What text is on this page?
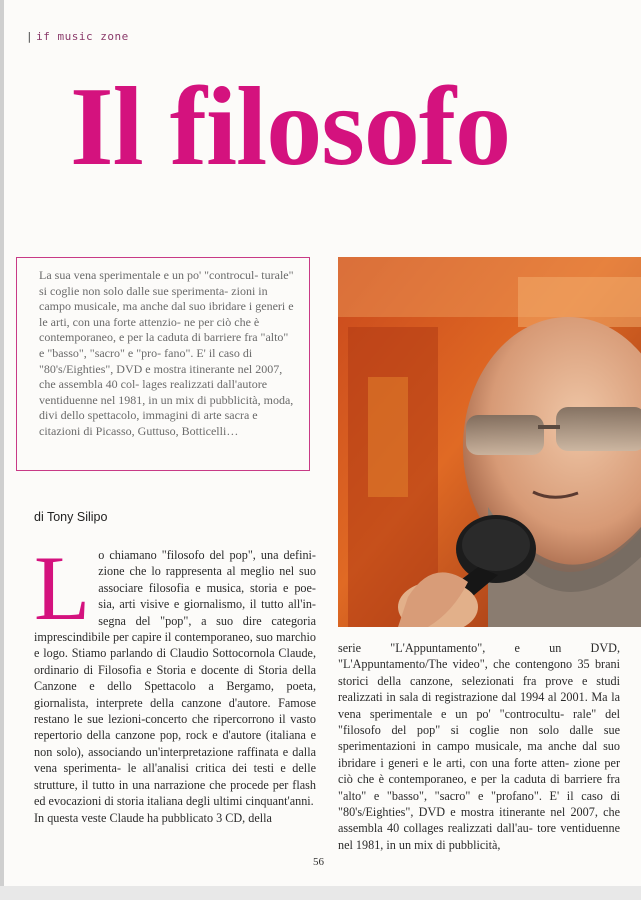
| if music zone
Il filosofo
La sua vena sperimentale e un po' "controcul- turale" si coglie non solo dalle sue sperimenta- zioni in campo musicale, ma anche dal suo ibridare i generi e le arti, con una forte attenzio- ne per ciò che è contemporaneo, e per la caduta di barriere fra "alto" e "basso", "sacro" e "pro- fano". E' il caso di "80's/Eighties", DVD e mostra itinerante nel 2007, che assembla 40 col- lages realizzati dall'autore ventiduenne nel 1981, in un mix di pubblicità, moda, divi dello spettacolo, immagini di arte sacra e citazioni di Picasso, Guttuso, Botticelli…
di Tony Silipo

Lo chiamano "filosofo del pop", una defini- zione che lo rappresenta al meglio nel suo associare filosofia e musica, storia e poe- sia, arti visive e giornalismo, il tutto all'in- segna del "pop", a suo dire categoria imprescindibile per capire il contemporaneo, suo marchio e logo. Stiamo parlando di Claudio Sottocornola Claude, ordinario di Filosofia e Storia e docente di Storia della Canzone e dello Spettacolo a Bergamo, poeta, giornalista, interprete della canzone d'autore. Famose restano le sue lezioni-concerto che ripercorrono il vasto repertorio della canzone pop, rock e d'autore (italiana e non solo), associando un'interpretazione raffinata e dalla vena sperimenta- le all'analisi critica dei testi e delle strutture, il tutto in una narrazione che procede per flash ed evocazioni di storia italiana degli ultimi cinquant'anni.

In questa veste Claude ha pubblicato 3 CD, della

serie "L'Appuntamento", e un DVD, "L'Appuntamento/The video", che contengono 35 brani storici della canzone, selezionati fra prove e studi realizzati in sala di registrazione dal 1994 al 2001. Ma la vena sperimentale e un po' "controcultu- rale" del "filosofo del pop" si coglie non solo dalle sue sperimentazioni in campo musicale, ma anche dal suo ibridare i generi e le arti, con una forte atten- zione per ciò che è contemporaneo, e per la caduta di barriere fra "alto" e "basso", "sacro" e "profano". E' il caso di "80's/Eighties", DVD e mostra itinerante nel 2007, che assembla 40 collages realizzati dall'au- tore ventiduenne nel 1981, in un mix di pubblicità,

56
